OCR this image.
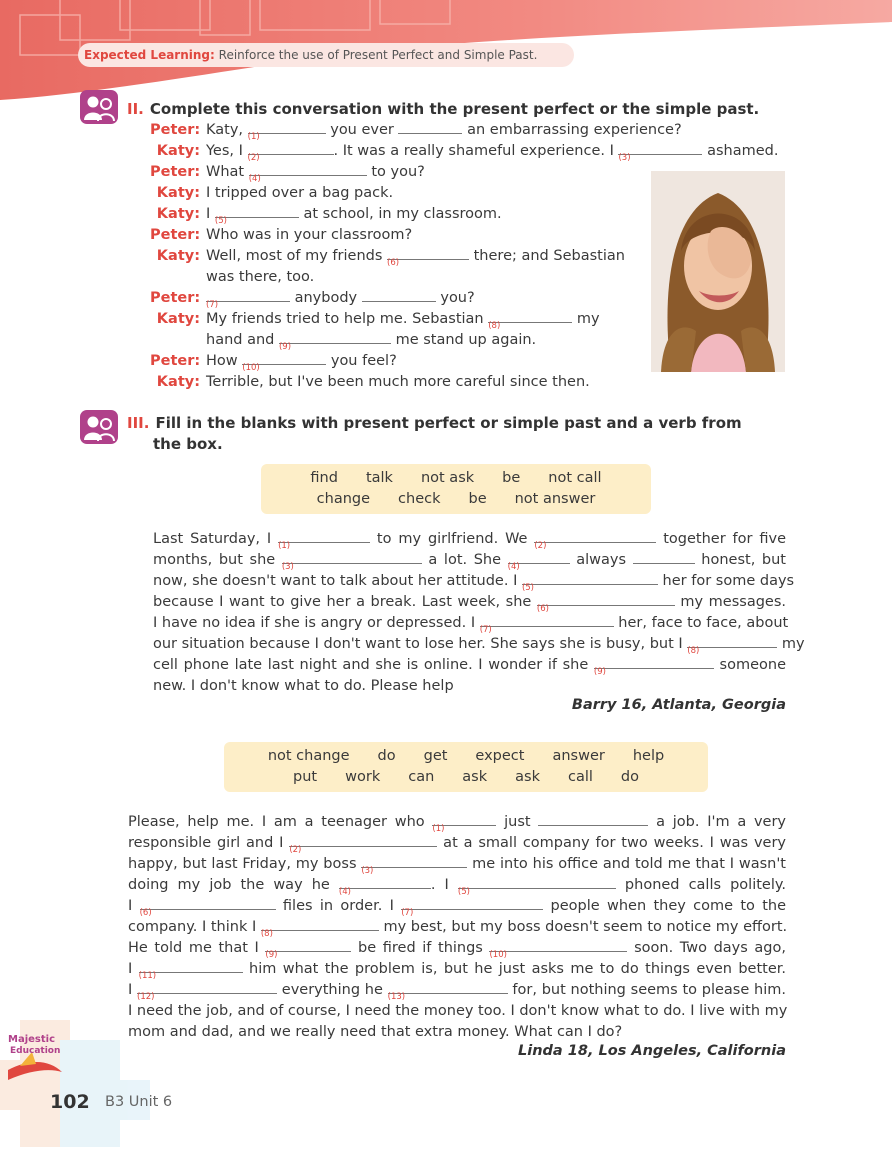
Expected Learning: Reinforce the use of Present Perfect and Simple Past.
II. Complete this conversation with the present perfect or the simple past.
Peter: Katy, (1)	you ever	an embarrassing experience?
Katy: Yes, I (2)	. It was a really shameful experience. I (3)	ashamed.
Peter: What (4)	to you?
Katy: I tripped over a bag pack.
Katy: I (5)	at school, in my classroom.
Peter: Who was in your classroom?
Katy: Well, most of my friends (6)	there; and Sebastian
was there, too.
Peter: (7)	anybody	you?
Katy: My friends tried to help me. Sebastian (8)	my
hand and (9)	me stand up again.
Peter: How (10)	you feel?
Katy: Terrible, but I've been much more careful since then.
III. Fill in the blanks with present perfect or simple past and a verb from
the box.
find talk not ask be not call
change check be not answer
Last Saturday, I (1)	to my girlfriend. We (2)	together for five
months, but she (3)	a lot. She (4)	always	honest, but
now, she doesn't want to talk about her attitude. I (5)	her for some days
because I want to give her a break. Last week, she (6)	my messages.
I have no idea if she is angry or depressed. I (7)	her, face to face, about
our situation because I don't want to lose her. She says she is busy, but I (8)	my
cell phone late last night and she is online. I wonder if she (9)	someone
new. I don't know what to do. Please help
Barry 16, Atlanta, Georgia
not change do get expect answer help
put work can ask ask call do
Please, help me. I am a teenager who (1)	just	a job. I'm a very
responsible girl and I (2)	at a small company for two weeks. I was very
happy, but last Friday, my boss (3)	me into his office and told me that I wasn't
doing my job the way he (4)	. I (5)	phoned calls politely.
I (6)	files in order. I (7)	people when they come to the
company. I think I (8)	my best, but my boss doesn't seem to notice my effort.
He told me that I (9)	be fired if things (10)	soon. Two days ago,
I (11)	him what the problem is, but he just asks me to do things even better.
I (12)	everything he (13)	for, but nothing seems to please him.
I need the job, and of course, I need the money too. I don't know what to do. I live with my
mom and dad, and we really need that extra money. What can I do?
Linda 18, Los Angeles, California
Majestic
Education
102 B3 Unit 6
